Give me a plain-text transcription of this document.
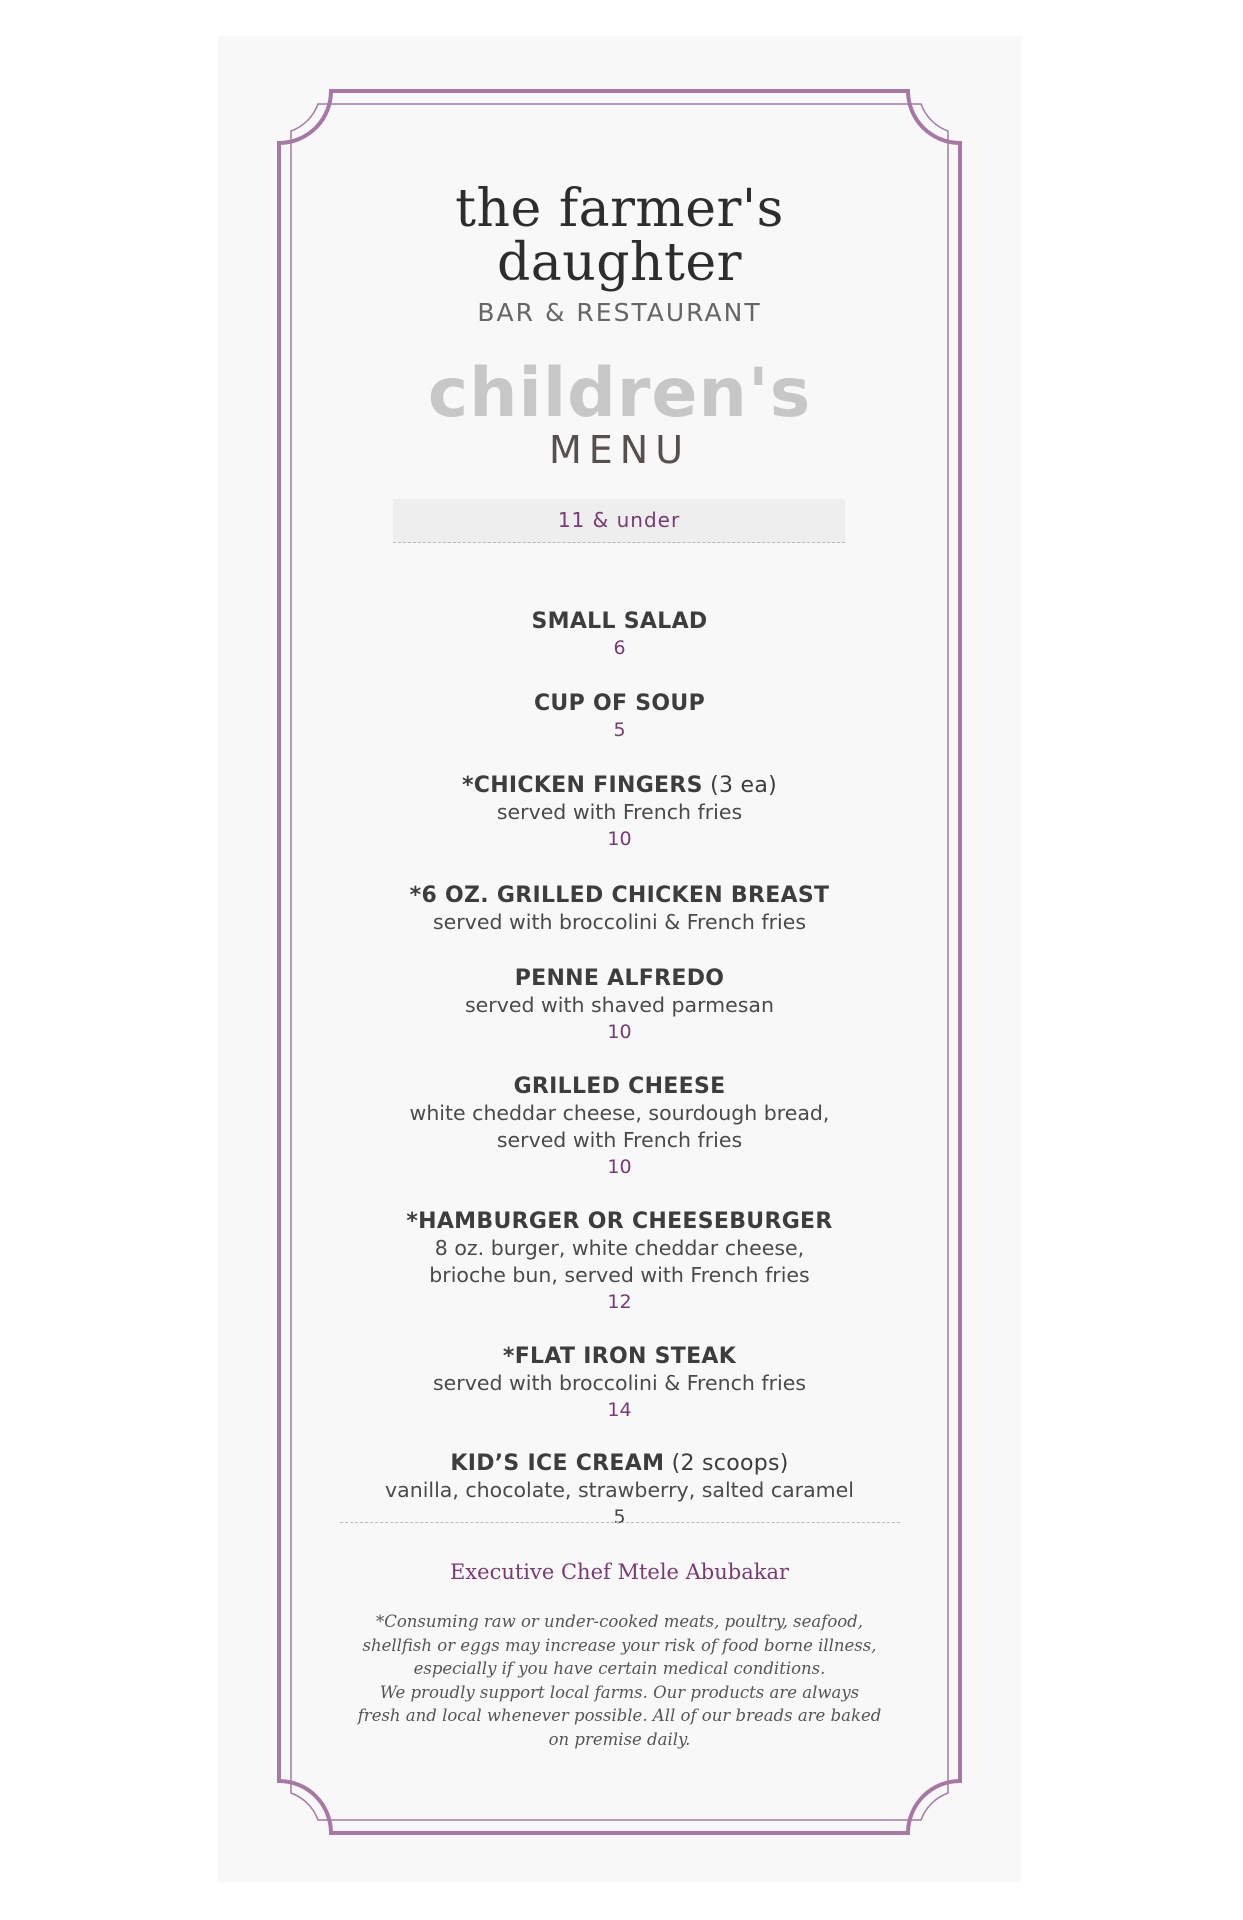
the farmer's
daughter
BAR & RESTAURANT
children's
MENU
11 & under
SMALL SALAD
6
CUP OF SOUP
5
*CHICKEN FINGERS (3 ea)
served with French fries
10
*6 OZ. GRILLED CHICKEN BREAST
served with broccolini & French fries
PENNE ALFREDO
served with shaved parmesan
10
GRILLED CHEESE
white cheddar cheese, sourdough bread,
served with French fries
10
*HAMBURGER OR CHEESEBURGER
8 oz. burger, white cheddar cheese,
brioche bun, served with French fries
12
*FLAT IRON STEAK
served with broccolini & French fries
14
KID’S ICE CREAM (2 scoops)
vanilla, chocolate, strawberry, salted caramel
5
Executive Chef Mtele Abubakar
*Consuming raw or under-cooked meats, poultry, seafood,
shellfish or eggs may increase your risk of food borne illness,
especially if you have certain medical conditions.
We proudly support local farms. Our products are always
fresh and local whenever possible. All of our breads are baked
on premise daily.
